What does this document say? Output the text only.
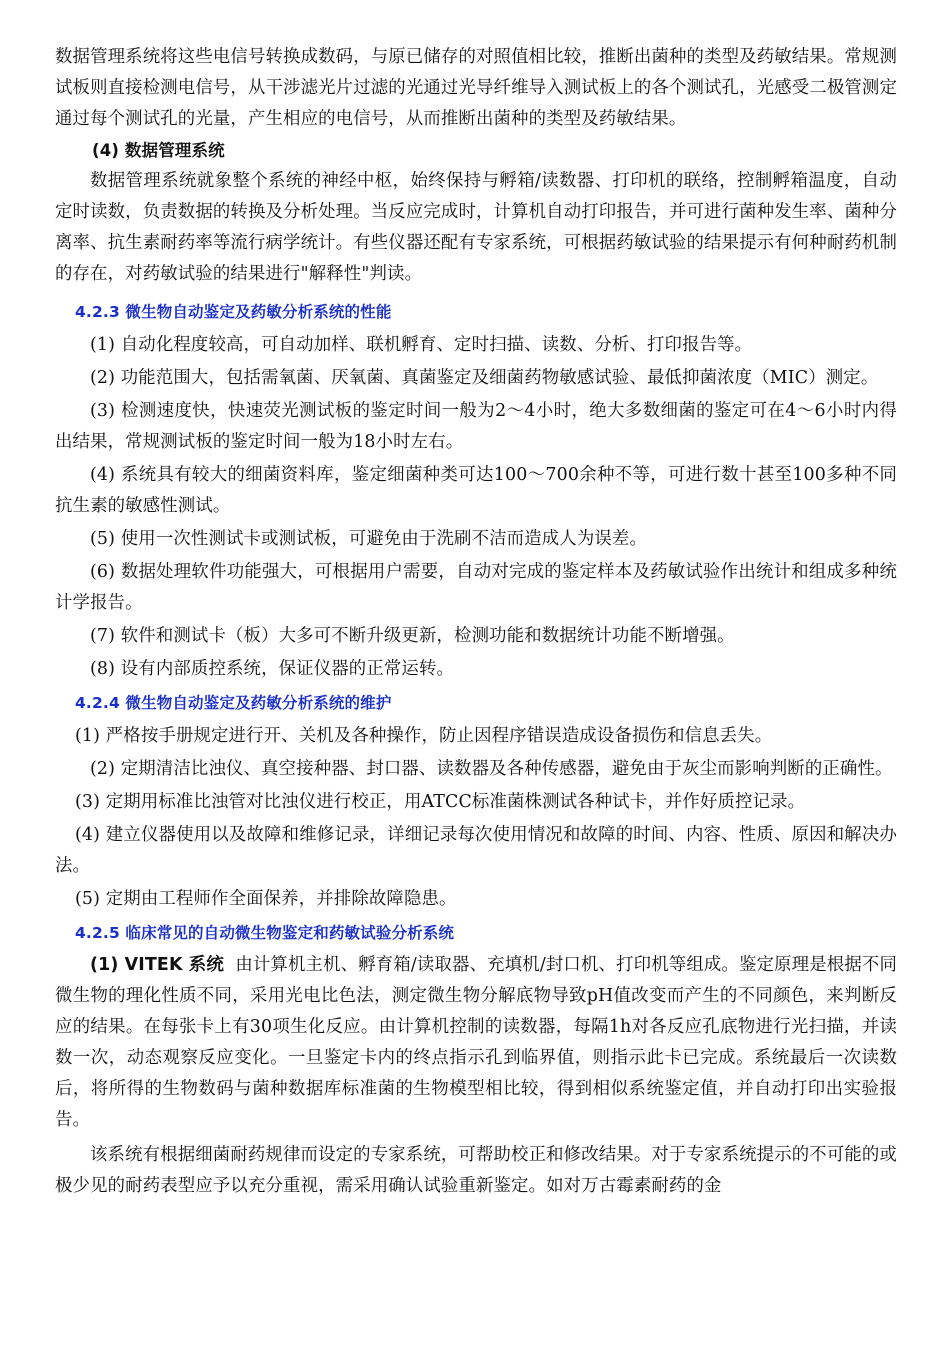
数据管理系统将这些电信号转换成数码，与原已储存的对照值相比较，推断出菌种的类型及药敏结果。常规测试板则直接检测电信号，从干涉滤光片过滤的光通过光导纤维导入测试板上的各个测试孔，光感受二极管测定通过每个测试孔的光量，产生相应的电信号，从而推断出菌种的类型及药敏结果。

(4) 数据管理系统

数据管理系统就象整个系统的神经中枢，始终保持与孵箱/读数器、打印机的联络，控制孵箱温度，自动定时读数，负责数据的转换及分析处理。当反应完成时，计算机自动打印报告，并可进行菌种发生率、菌种分离率、抗生素耐药率等流行病学统计。有些仪器还配有专家系统，可根据药敏试验的结果提示有何种耐药机制的存在，对药敏试验的结果进行"解释性"判读。

4.2.3 微生物自动鉴定及药敏分析系统的性能

(1) 自动化程度较高，可自动加样、联机孵育、定时扫描、读数、分析、打印报告等。

(2) 功能范围大，包括需氧菌、厌氧菌、真菌鉴定及细菌药物敏感试验、最低抑菌浓度（MIC）测定。

(3) 检测速度快，快速荧光测试板的鉴定时间一般为2～4小时，绝大多数细菌的鉴定可在4～6小时内得出结果，常规测试板的鉴定时间一般为18小时左右。

(4) 系统具有较大的细菌资料库，鉴定细菌种类可达100～700余种不等，可进行数十甚至100多种不同抗生素的敏感性测试。

(5) 使用一次性测试卡或测试板，可避免由于洗刷不洁而造成人为误差。

(6) 数据处理软件功能强大，可根据用户需要，自动对完成的鉴定样本及药敏试验作出统计和组成多种统计学报告。

(7) 软件和测试卡（板）大多可不断升级更新，检测功能和数据统计功能不断增强。

(8) 设有内部质控系统，保证仪器的正常运转。

4.2.4 微生物自动鉴定及药敏分析系统的维护

(1) 严格按手册规定进行开、关机及各种操作，防止因程序错误造成设备损伤和信息丢失。

(2) 定期清洁比浊仪、真空接种器、封口器、读数器及各种传感器，避免由于灰尘而影响判断的正确性。

(3) 定期用标准比浊管对比浊仪进行校正，用ATCC标准菌株测试各种试卡，并作好质控记录。

(4) 建立仪器使用以及故障和维修记录，详细记录每次使用情况和故障的时间、内容、性质、原因和解决办法。

(5) 定期由工程师作全面保养，并排除故障隐患。

4.2.5 临床常见的自动微生物鉴定和药敏试验分析系统

(1) VITEK 系统 由计算机主机、孵育箱/读取器、充填机/封口机、打印机等组成。鉴定原理是根据不同微生物的理化性质不同，采用光电比色法，测定微生物分解底物导致pH值改变而产生的不同颜色，来判断反应的结果。在每张卡上有30项生化反应。由计算机控制的读数器，每隔1h对各反应孔底物进行光扫描，并读数一次，动态观察反应变化。一旦鉴定卡内的终点指示孔到临界值，则指示此卡已完成。系统最后一次读数后，将所得的生物数码与菌种数据库标准菌的生物模型相比较，得到相似系统鉴定值，并自动打印出实验报告。

该系统有根据细菌耐药规律而设定的专家系统，可帮助校正和修改结果。对于专家系统提示的不可能的或极少见的耐药表型应予以充分重视，需采用确认试验重新鉴定。如对万古霉素耐药的金
